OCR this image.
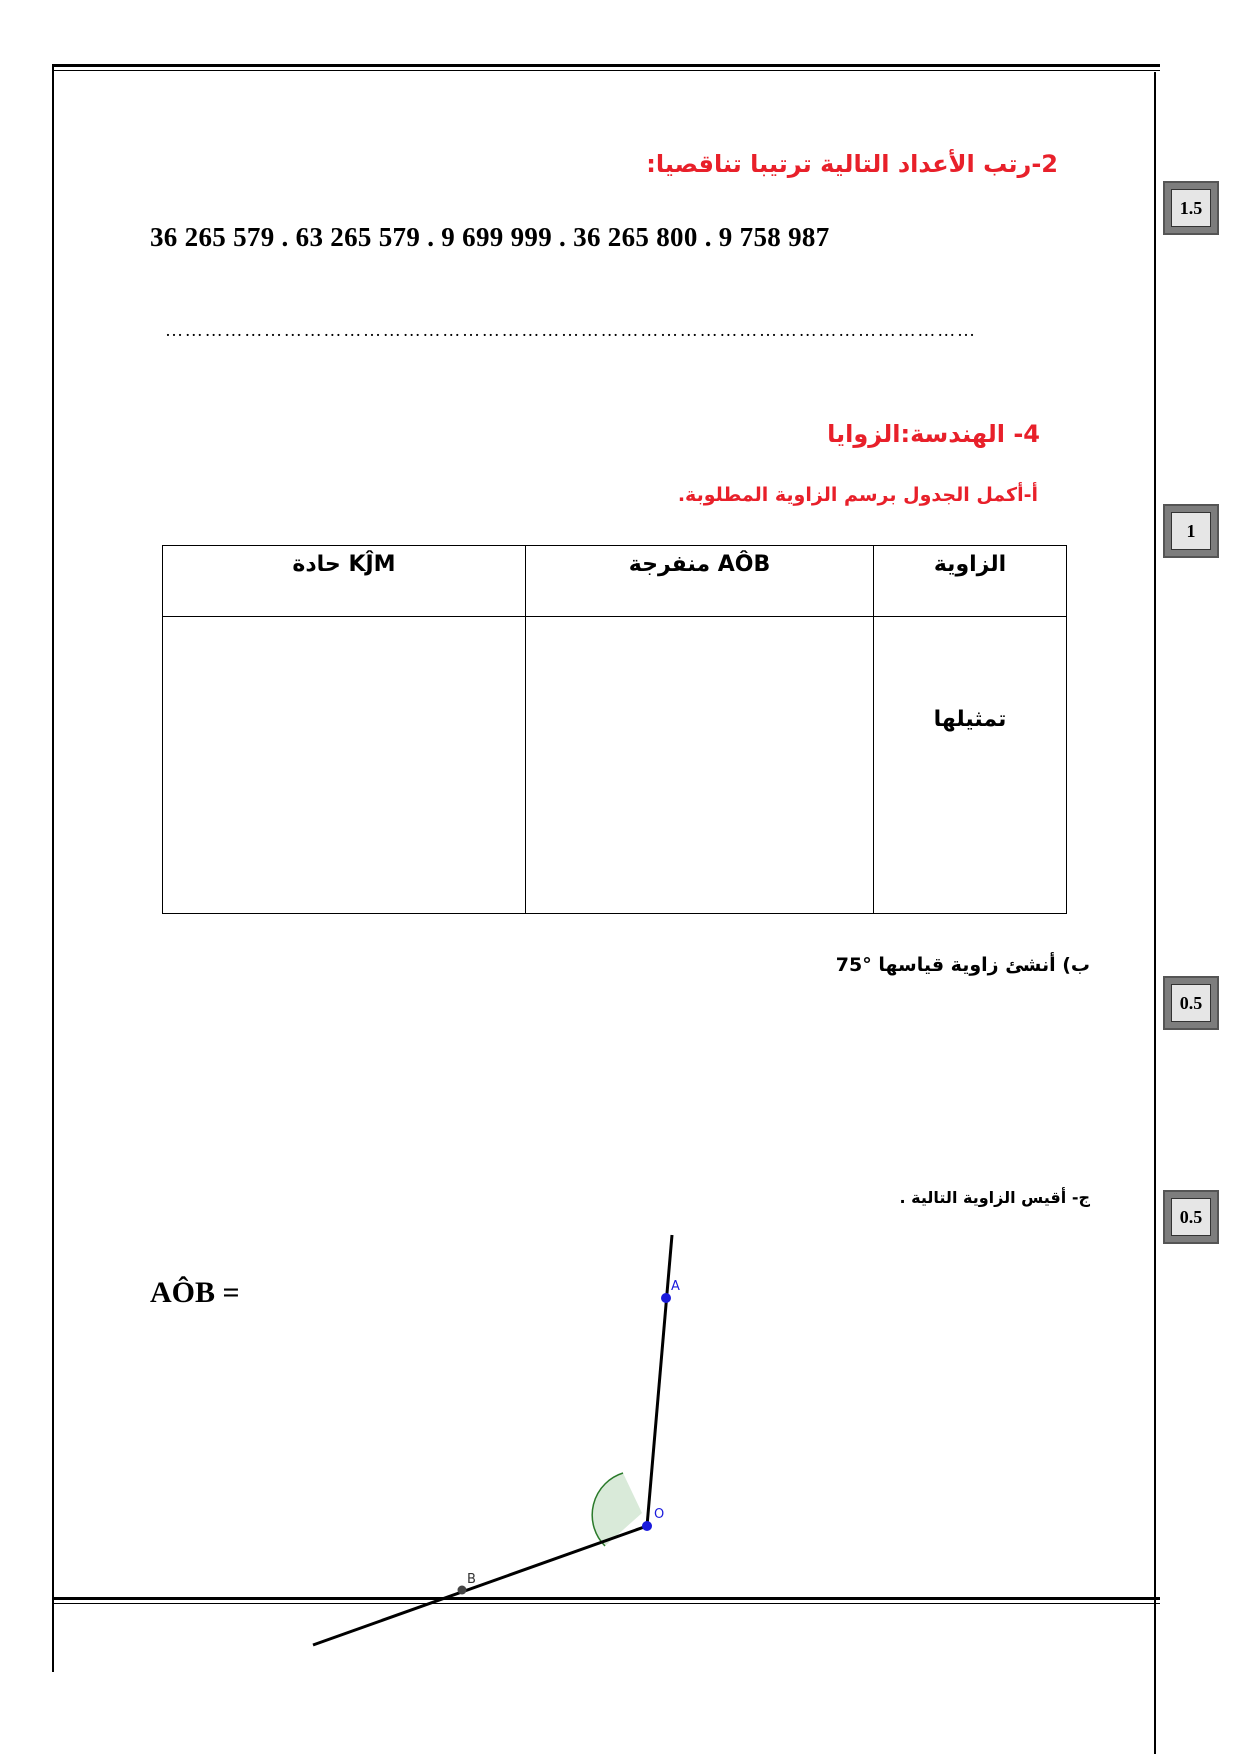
2-رتب الأعداد التالية ترتيبا تناقصيا:
36 265 579 . 63 265 579 . 9 699 999 . 36 265 800 . 9 758 987
……………………………………………………………………………………………………………
1.5
1
0.5
0.5
4- الهندسة:الزوايا
أ-أكمل الجدول برسم الزاوية المطلوبة.
الزاوية	AÔB منفرجة	KĴM حادة
تمثيلها		
ب) أنشئ زاوية قياسها °75
ج- أقيس الزاوية التالية .
AÔB =	A
O
B
